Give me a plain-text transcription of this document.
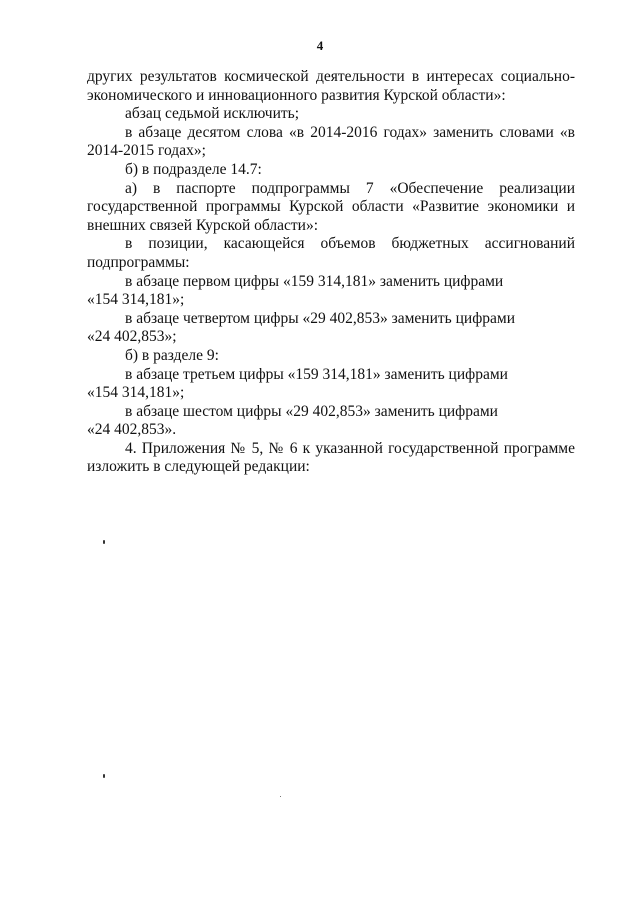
4

других результатов космической деятельности в интересах социально-экономического и инновационного развития Курской области»:

абзац седьмой исключить;

в абзаце десятом слова «в 2014-2016 годах» заменить словами «в 2014-2015 годах»;

б) в подразделе 14.7:

а) в паспорте подпрограммы 7 «Обеспечение реализации государственной программы Курской области «Развитие экономики и внешних связей Курской области»:

в позиции, касающейся объемов бюджетных ассигнований подпрограммы:

в абзаце первом цифры «159 314,181» заменить цифрами

«154 314,181»;

в абзаце четвертом цифры «29 402,853» заменить цифрами

«24 402,853»;

б) в разделе 9:

в абзаце третьем цифры «159 314,181» заменить цифрами

«154 314,181»;

в абзаце шестом цифры «29 402,853» заменить цифрами

«24 402,853».

4. Приложения № 5, № 6 к указанной государственной программе изложить в следующей редакции:
